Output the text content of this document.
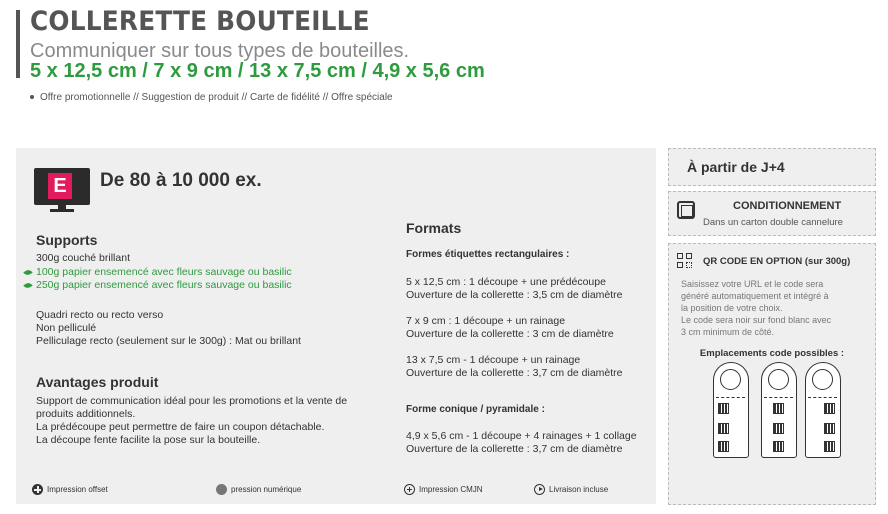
COLLERETTE BOUTEILLE
Communiquer sur tous types de bouteilles.
5 x 12,5 cm / 7 x 9 cm / 13 x 7,5 cm / 4,9 x 5,6 cm
Offre promotionnelle // Suggestion de produit // Carte de fidélité // Offre spéciale
E De 80 à 10 000 ex.
Supports
300g couché brillant
100g papier ensemencé avec fleurs sauvage ou basilic
250g papier ensemencé avec fleurs sauvage ou basilic
Quadri recto ou recto verso
Non pelliculé
Pelliculage recto (seulement sur le 300g) : Mat ou brillant
Avantages produit
Support de communication idéal pour les promotions et la vente de
produits additionnels.
La prédécoupe peut permettre de faire un coupon détachable.
La découpe fente facilite la pose sur la bouteille.
Formats
Formes étiquettes rectangulaires :
5 x 12,5 cm : 1 découpe + une prédécoupe
Ouverture de la collerette : 3,5 cm de diamètre
7 x 9 cm : 1 découpe + un rainage
Ouverture de la collerette : 3 cm de diamètre
13 x 7,5 cm - 1 découpe + un rainage
Ouverture de la collerette : 3,7 cm de diamètre
Forme conique / pyramidale :
4,9 x 5,6 cm - 1 découpe + 4 rainages + 1 collage
Ouverture de la collerette : 3,7 cm de diamètre
Impression offset	pression numérique	Impression CMJN	Livraison incluse
À partir de J+4
CONDITIONNEMENT
Dans un carton double cannelure
QR CODE EN OPTION (sur 300g)
Saisissez votre URL et le code sera
généré automatiquement et intégré à
la position de votre choix.
Le code sera noir sur fond blanc avec
3 cm minimum de côté.
Emplacements code possibles :
